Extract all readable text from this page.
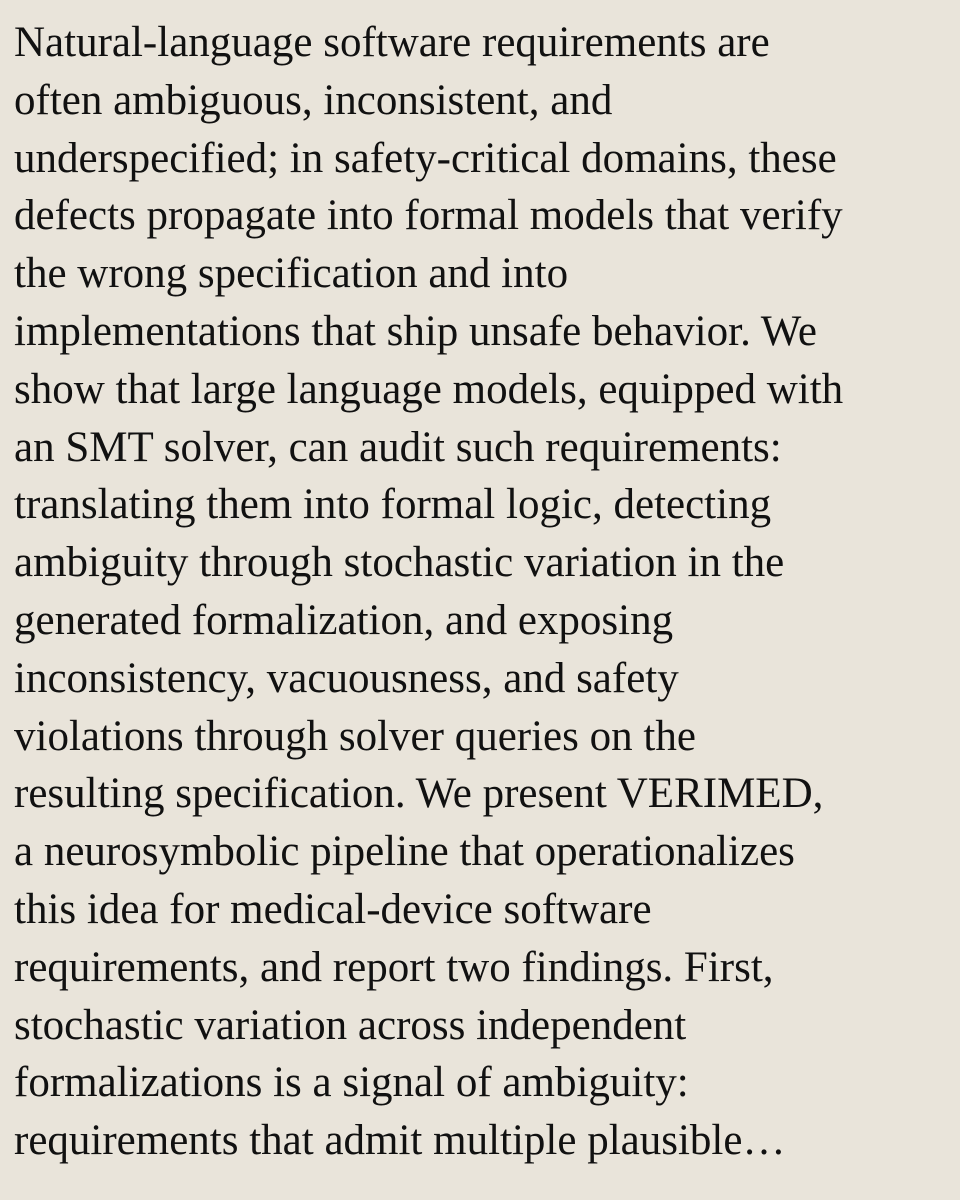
Natural-language software requirements are
often ambiguous, inconsistent, and
underspecified; in safety-critical domains, these
defects propagate into formal models that verify
the wrong specification and into
implementations that ship unsafe behavior. We
show that large language models, equipped with
an SMT solver, can audit such requirements:
translating them into formal logic, detecting
ambiguity through stochastic variation in the
generated formalization, and exposing
inconsistency, vacuousness, and safety
violations through solver queries on the
resulting specification. We present VERIMED,
a neurosymbolic pipeline that operationalizes
this idea for medical-device software
requirements, and report two findings. First,
stochastic variation across independent
formalizations is a signal of ambiguity:
requirements that admit multiple plausible…
